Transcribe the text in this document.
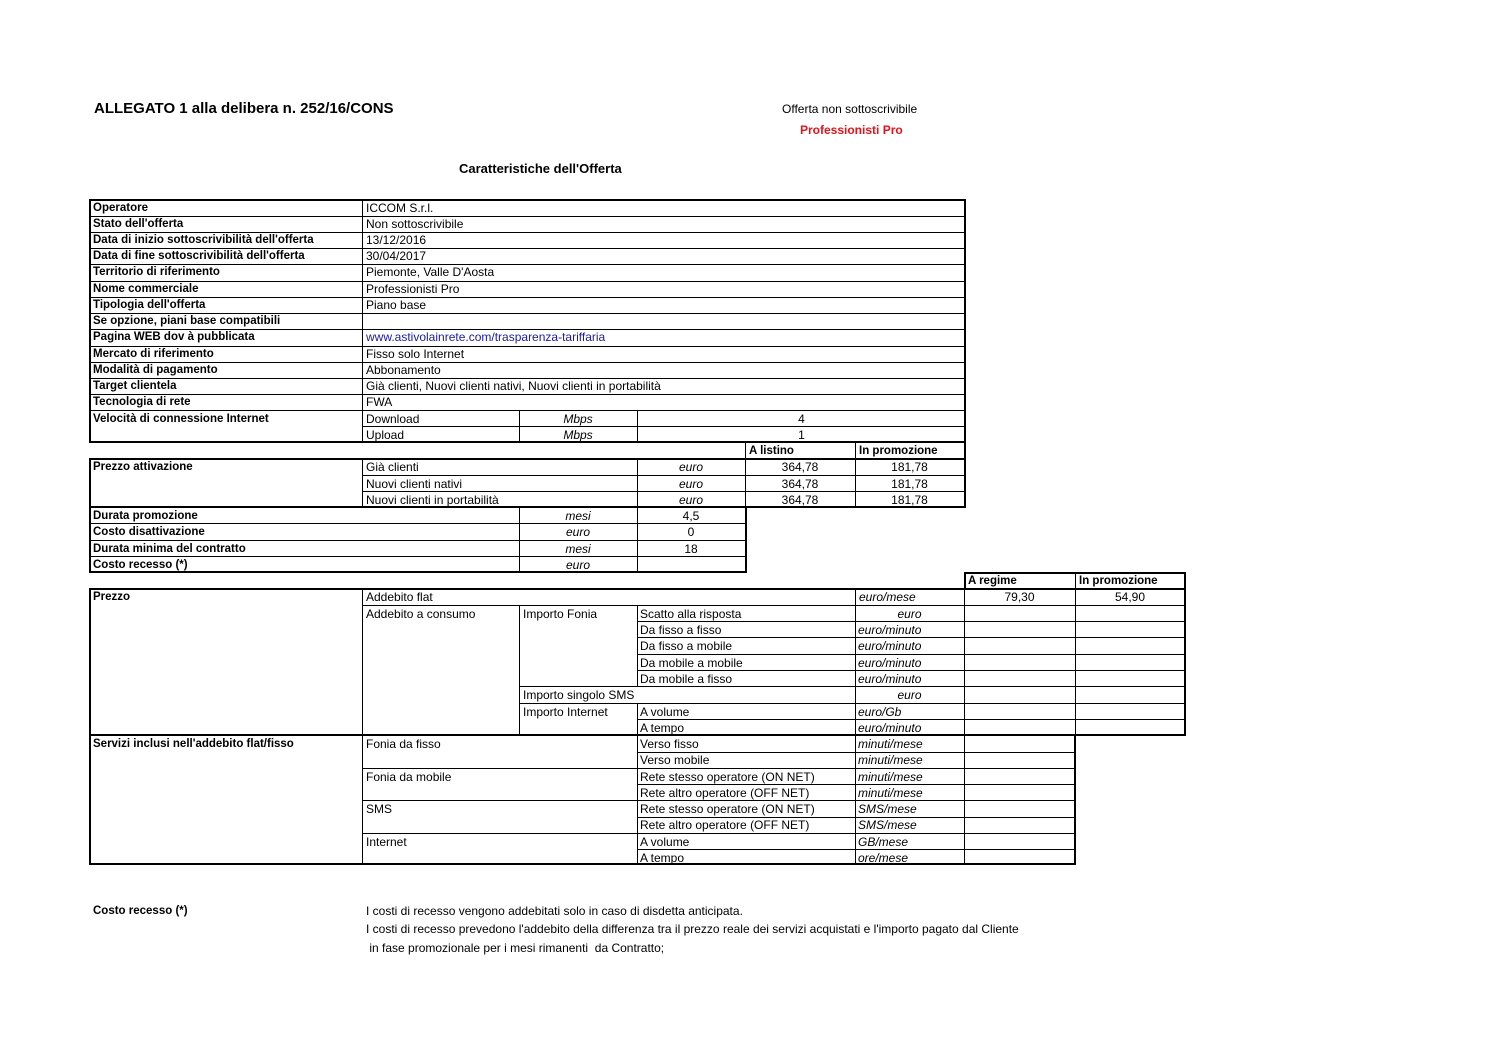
ALLEGATO 1 alla delibera n. 252/16/CONS	Offerta non sottoscrivibile
Professionisti Pro
Caratteristiche dell'Offerta
Operatore	ICCOM S.r.l.
Stato dell'offerta	Non sottoscrivibile
Data di inizio sottoscrivibilità dell'offerta	13/12/2016
Data di fine sottoscrivibilità dell'offerta	30/04/2017
Territorio di riferimento	Piemonte, Valle D'Aosta
Nome commerciale	Professionisti Pro
Tipologia dell'offerta	Piano base
Se opzione, piani base compatibili
Pagina WEB dov à pubblicata	www.astivolainrete.com/trasparenza-tariffaria
Mercato di riferimento	Fisso solo Internet
Modalità di pagamento	Abbonamento
Target clientela	Già clienti, Nuovi clienti nativi, Nuovi clienti in portabilità
Tecnologia di rete	FWA
Velocità di connessione Internet	Download	Mbps	4
Upload	Mbps	1
A listino	In promozione
Prezzo attivazione	Già clienti	euro	364,78	181,78
Nuovi clienti nativi	euro	364,78	181,78
Nuovi clienti in portabilità	euro	364,78	181,78
Durata promozione	mesi	4,5
Costo disattivazione	euro	0
Durata minima del contratto	mesi	18
Costo recesso (*)	euro
A regime	In promozione
Prezzo	Addebito flat	euro/mese	79,30	54,90
Addebito a consumo	Importo Fonia	Scatto alla risposta	euro
Da fisso a fisso	euro/minuto
Da fisso a mobile	euro/minuto
Da mobile a mobile	euro/minuto
Da mobile a fisso	euro/minuto
Importo singolo SMS	euro
Importo Internet	A volume	euro/Gb
A tempo	euro/minuto
Servizi inclusi nell'addebito flat/fisso	Fonia da fisso	Verso fisso	minuti/mese
Verso mobile	minuti/mese
Fonia da mobile	Rete stesso operatore (ON NET)	minuti/mese
Rete altro operatore (OFF NET)	minuti/mese
SMS	Rete stesso operatore (ON NET)	SMS/mese
Rete altro operatore (OFF NET)	SMS/mese
Internet	A volume	GB/mese
A tempo	ore/mese
Costo recesso (*)	I costi di recesso vengono addebitati solo in caso di disdetta anticipata.
I costi di recesso prevedono l'addebito della differenza tra il prezzo reale dei servizi acquistati e l'importo pagato dal Cliente
in fase promozionale per i mesi rimanenti  da Contratto;
